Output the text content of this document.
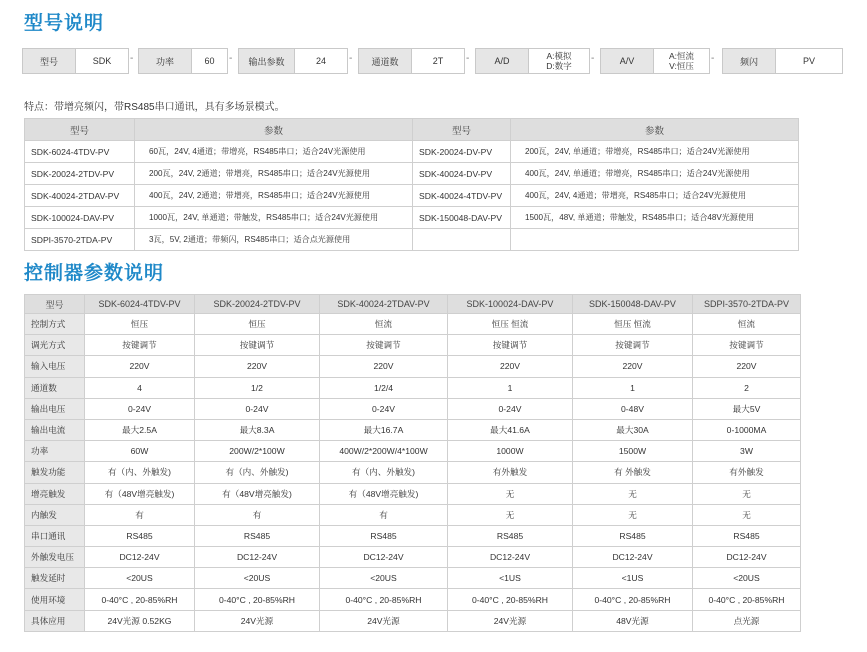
型号说明
型号	SDK	-	功率	60	-	输出参数	24	-	通道数	2T	-	A/D	A:模拟
D:数字
-	A/V	A:恒流
V:恒压
-	频闪	PV
特点：带增亮频闪，带RS485串口通讯，具有多场景模式。
型号	参数	型号	参数
SDK-6024-4TDV-PV	60瓦，24V, 4通道；带增亮，RS485串口；适合24V光源使用	SDK-20024-DV-PV	200瓦，24V, 单通道；带增亮，RS485串口；适合24V光源使用
SDK-20024-2TDV-PV	200瓦，24V, 2通道；带增亮，RS485串口；适合24V光源使用	SDK-40024-DV-PV	400瓦，24V, 单通道；带增亮，RS485串口；适合24V光源使用
SDK-40024-2TDAV-PV	400瓦，24V, 2通道；带增亮，RS485串口；适合24V光源使用	SDK-40024-4TDV-PV	400瓦，24V, 4通道；带增亮，RS485串口；适合24V光源使用
SDK-100024-DAV-PV	1000瓦，24V, 单通道；带触发，RS485串口；适合24V光源使用	SDK-150048-DAV-PV	1500瓦，48V, 单通道；带触发，RS485串口；适合48V光源使用
SDPI-3570-2TDA-PV	3瓦，5V, 2通道；带频闪，RS485串口；适合点光源使用		
控制器参数说明
型号	SDK-6024-4TDV-PV	SDK-20024-2TDV-PV	SDK-40024-2TDAV-PV	SDK-100024-DAV-PV	SDK-150048-DAV-PV	SDPI-3570-2TDA-PV
控制方式	恒压	恒压	恒流	恒压 恒流	恒压 恒流	恒流
调光方式	按键调节	按键调节	按键调节	按键调节	按键调节	按键调节
输入电压	220V	220V	220V	220V	220V	220V
通道数	4	1/2	1/2/4	1	1	2
输出电压	0-24V	0-24V	0-24V	0-24V	0-48V	最大5V
输出电流	最大2.5A	最大8.3A	最大16.7A	最大41.6A	最大30A	0-1000MA
功率	60W	200W/2*100W	400W/2*200W/4*100W	1000W	1500W	3W
触发功能	有（内、外触发)	有（内、外触发)	有（内、外触发)	有外触发	有 外触发	有外触发
增亮触发	有（48V增亮触发)	有（48V增亮触发)	有（48V增亮触发)	无	无	无
内触发	有	有	有	无	无	无
串口通讯	RS485	RS485	RS485	RS485	RS485	RS485
外触发电压	DC12-24V	DC12-24V	DC12-24V	DC12-24V	DC12-24V	DC12-24V
触发延时	<20US	<20US	<20US	<1US	<1US	<20US
使用环境	0-40°C , 20-85%RH	0-40°C , 20-85%RH	0-40°C , 20-85%RH	0-40°C , 20-85%RH	0-40°C , 20-85%RH	0-40°C , 20-85%RH
具体应用	24V光源 0.52KG	24V光源	24V光源	24V光源	48V光源	点光源
